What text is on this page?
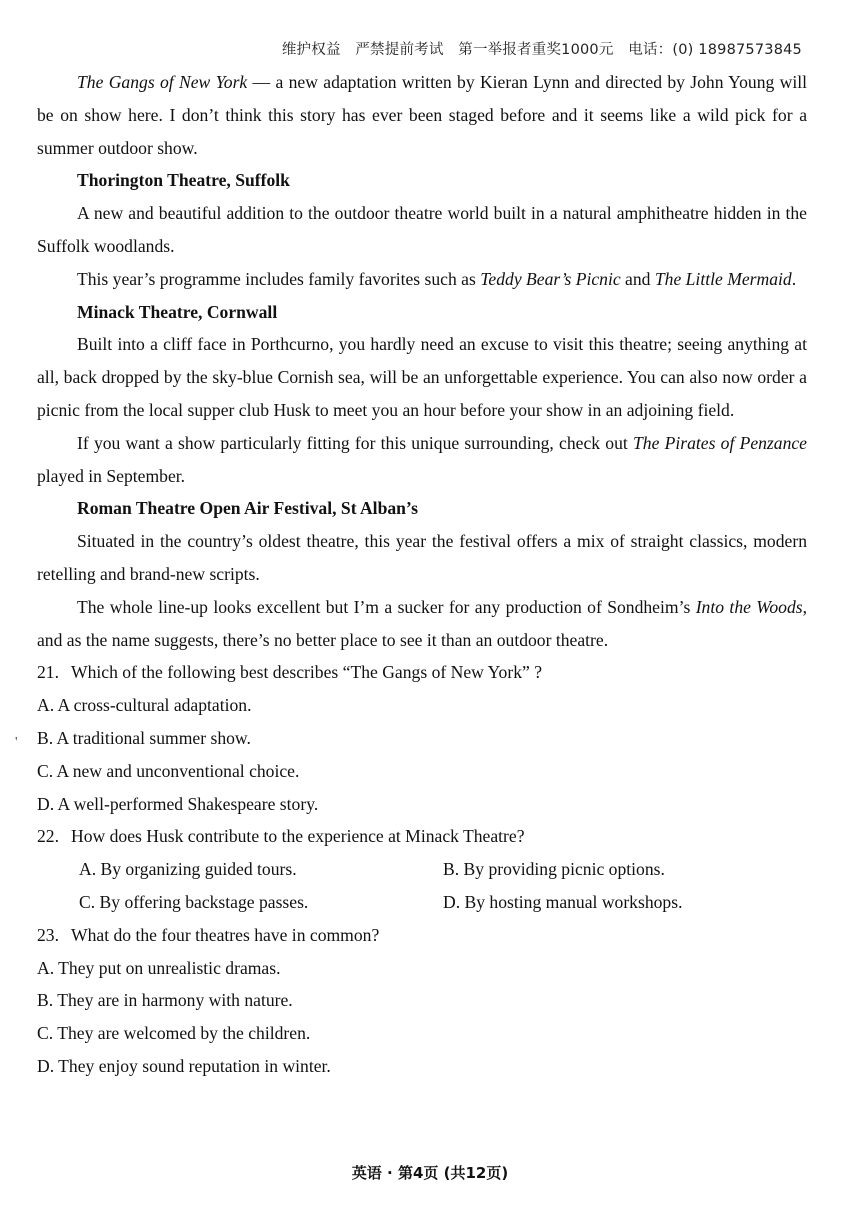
维护权益　严禁提前考试　第一举报者重奖1000元　电话：(0) 18987573845
'

The Gangs of New York — a new adaptation written by Kieran Lynn and directed by John Young will be on show here. I don’t think this story has ever been staged before and it seems like a wild pick for a summer outdoor show.

Thorington Theatre, Suffolk

A new and beautiful addition to the outdoor theatre world built in a natural amphitheatre hidden in the Suffolk woodlands.

This year’s programme includes family favorites such as Teddy Bear’s Picnic and The Little Mermaid.

Minack Theatre, Cornwall

Built into a cliff face in Porthcurno, you hardly need an excuse to visit this theatre; seeing anything at all, back dropped by the sky-blue Cornish sea, will be an unforgettable experience. You can also now order a picnic from the local supper club Husk to meet you an hour before your show in an adjoining field.

If you want a show particularly fitting for this unique surrounding, check out The Pirates of Penzance played in September.

Roman Theatre Open Air Festival, St Alban’s

Situated in the country’s oldest theatre, this year the festival offers a mix of straight classics, modern retelling and brand-new scripts.

The whole line-up looks excellent but I’m a sucker for any production of Sondheim’s Into the Woods, and as the name suggests, there’s no better place to see it than an outdoor theatre.

21. Which of the following best describes “The Gangs of New York” ?

A. A cross-cultural adaptation.

B. A traditional summer show.

C. A new and unconventional choice.

D. A well-performed Shakespeare story.

22. How does Husk contribute to the experience at Minack Theatre?

A. By organizing guided tours.	B. By providing picnic options.
C. By offering backstage passes.	D. By hosting manual workshops.

23. What do the four theatres have in common?

A. They put on unrealistic dramas.

B. They are in harmony with nature.

C. They are welcomed by the children.

D. They enjoy sound reputation in winter.

英语 · 第4页 (共12页)
